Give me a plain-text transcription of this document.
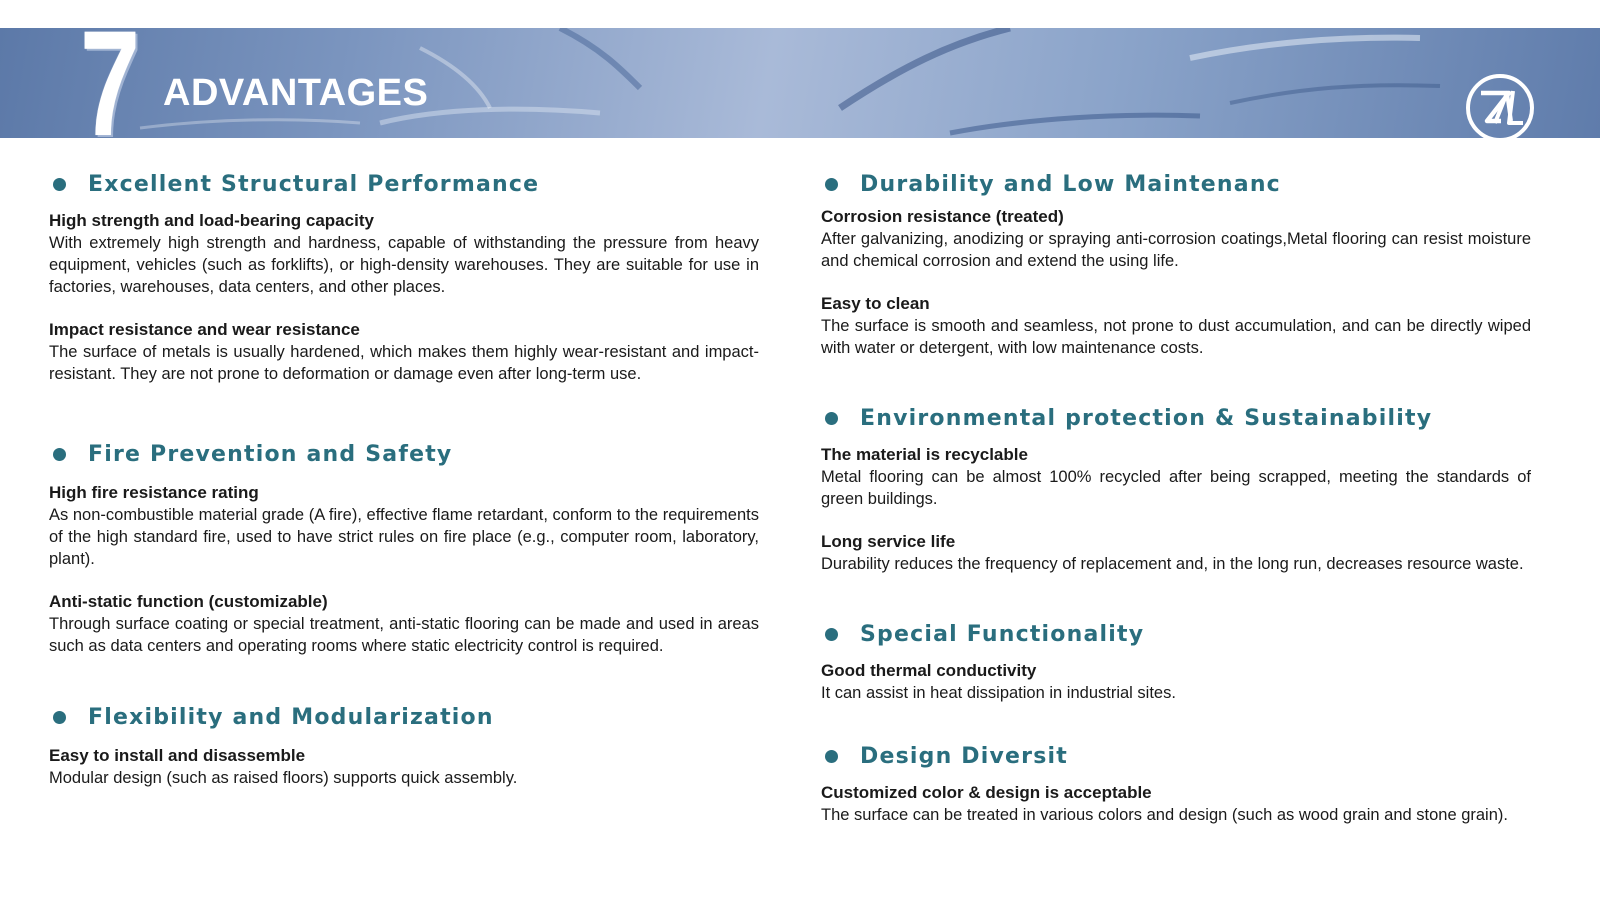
7 ADVANTAGES
Excellent Structural Performance
High strength and load-bearing capacity
With extremely high strength and hardness, capable of withstanding the pressure from heavy equipment, vehicles (such as forklifts), or high-density warehouses. They are suitable for use in factories, warehouses, data centers, and other places.
Impact resistance and wear resistance
The surface of metals is usually hardened, which makes them highly wear-resistant and impact-resistant. They are not prone to deformation or damage even after long-term use.
Fire Prevention and Safety
High fire resistance rating
As non-combustible material grade (A fire), effective flame retardant, conform to the requirements of the high standard fire, used to have strict rules on fire place (e.g., computer room, laboratory, plant).
Anti-static function (customizable)
Through surface coating or special treatment, anti-static flooring can be made and used in areas such as data centers and operating rooms where static electricity control is required.
Flexibility and Modularization
Easy to install and disassemble
Modular design (such as raised floors) supports quick assembly.
Durability and Low Maintenanc
Corrosion resistance (treated)
After galvanizing, anodizing or spraying anti-corrosion coatings,Metal flooring can resist moisture and chemical corrosion and extend the using life.
Easy to clean
The surface is smooth and seamless, not prone to dust accumulation, and can be directly wiped with water or detergent, with low maintenance costs.
Environmental protection & Sustainability
The material is recyclable
Metal flooring can be almost 100% recycled after being scrapped, meeting the standards of green buildings.
Long service life
Durability reduces the frequency of replacement and, in the long run, decreases resource waste.
Special Functionality
Good thermal conductivity
It can assist in heat dissipation in industrial sites.
Design Diversit
Customized color & design is acceptable
The surface can be treated in various colors and design (such as wood grain and stone grain).
